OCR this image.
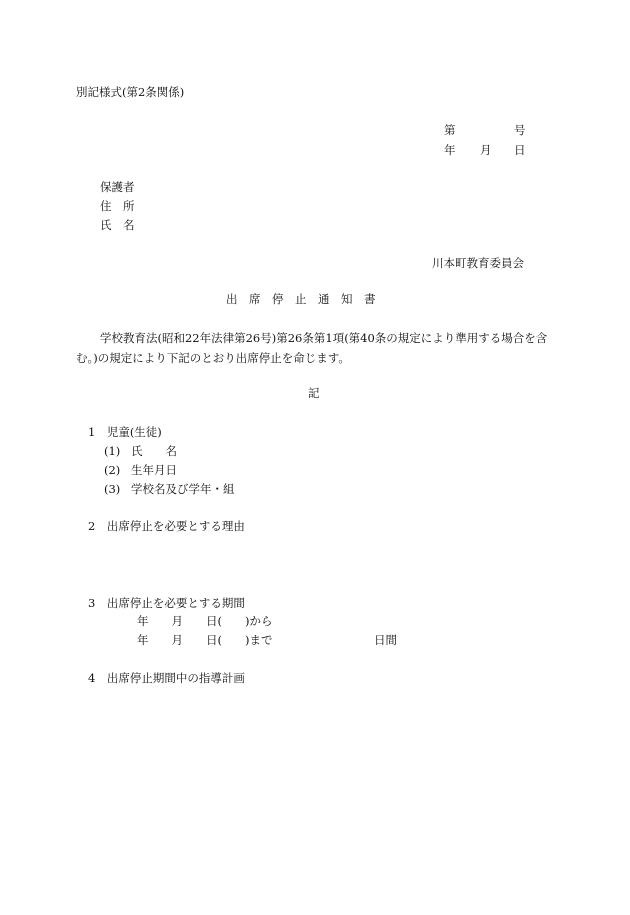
別記様式(第2条関係)
第	号
年 月 日
保護者
住　所
氏　名
川本町教育委員会
出　席　停　止　通　知　書
学校教育法(昭和22年法律第26号)第26条第1項(第40条の規定により準用する場合を含む。)の規定により下記のとおり出席停止を命じます。
記
1　児童(生徒)
(1) 氏　　名
(2) 生年月日
(3) 学校名及び学年・組
2　出席停止を必要とする理由
3　出席停止を必要とする期間
年　　月　　日(　　)から
年　　月　　日(　　)まで	日間
4　出席停止期間中の指導計画
